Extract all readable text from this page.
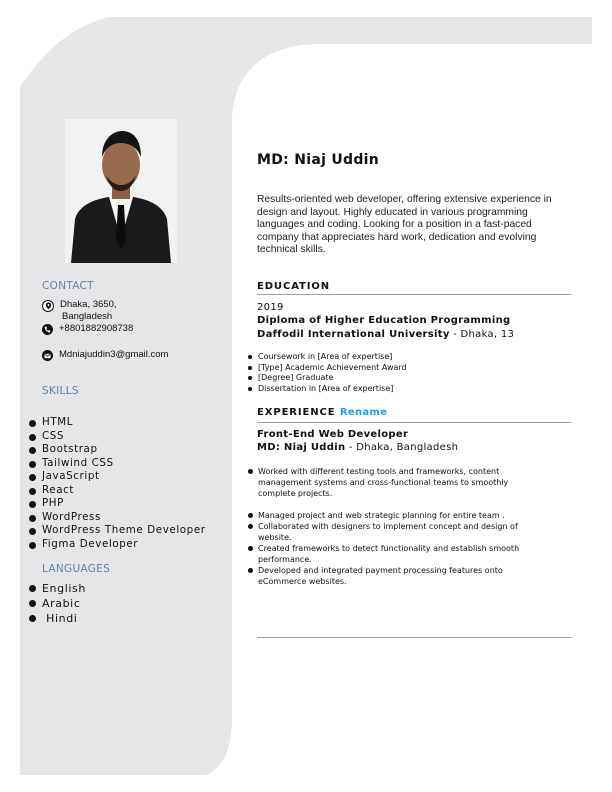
CONTACT
Dhaka, 3650,
Bangladesh
+8801882908738
Mdniajuddin3@gmail.com
SKILLS
HTML
CSS
Bootstrap
Tailwind CSS
JavaScript
React
PHP
WordPress
WordPress Theme Developer
Figma Developer
LANGUAGES
English
Arabic
Hindi
MD: Niaj Uddin
Results-oriented web developer, offering extensive experience in design and layout. Highly educated in various programming languages and coding. Looking for a position in a fast-paced company that appreciates hard work, dedication and evolving technical skills.
EDUCATION
2019
Diploma of Higher Education Programming
Daffodil International University - Dhaka, 13
Coursework in [Area of expertise]
[Type] Academic Achievement Award
[Degree] Graduate
Dissertation in [Area of expertise]
EXPERIENCE Rename
Front-End Web Developer
MD: Niaj Uddin - Dhaka, Bangladesh
Worked with different testing tools and frameworks, content management systems and cross-functional teams to smoothly complete projects.
Managed project and web strategic planning for entire team .
Collaborated with designers to implement concept and design of website.
Created frameworks to detect functionality and establish smooth performance.
Developed and integrated payment processing features onto eCommerce websites.
